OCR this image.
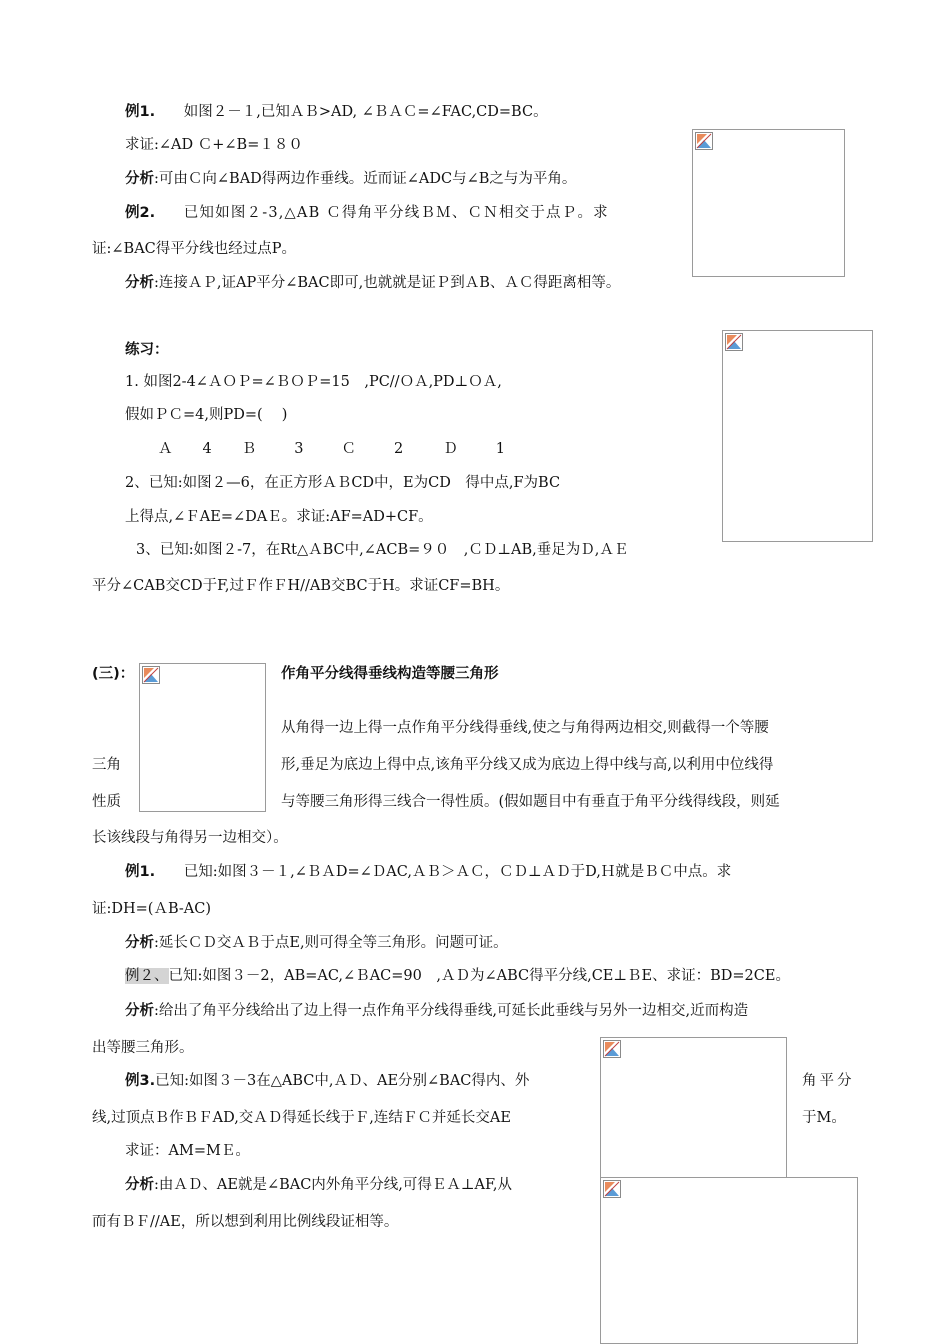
例1. 如图２－１,已知ＡＢ>AD, ∠ＢＡＣ=∠FAC,CD=BC。
求证:∠AD Ｃ+∠B=１８０
分析:可由Ｃ向∠BAD得两边作垂线。近而证∠ADC与∠B之与为平角。
例2. 已知如图２-3,△AB Ｃ得角平分线ＢＭ、ＣＮ相交于点Ｐ。求
证:∠BAC得平分线也经过点P。
分析:连接ＡＰ,证AP平分∠BAC即可,也就就是证Ｐ到ＡB、ＡＣ得距离相等。
练习：
1. 如图2-4∠ＡＯＰ=∠ＢＯＰ=15　,PC//ＯＡ,PD⊥ＯＡ,
假如ＰＣ=4,则PD=(　 )
Ａ 4 Ｂ	3	Ｃ	2	Ｄ	1
2、已知:如图２—6，在正方形ＡＢCD中，E为CD　得中点,F为BC
上得点,∠ＦAE=∠DAＥ。求证:AF=AD+CF。
3、已知:如图２-7，在Rt△ＡBC中,∠ACB=９０　,ＣＤ⊥AB,垂足为Ｄ,ＡＥ
平分∠CAB交CD于F,过Ｆ作ＦH//AB交BC于H。求证CF=BH。
(三)：	作角平分线得垂线构造等腰三角形
从角得一边上得一点作角平分线得垂线,使之与角得两边相交,则截得一个等腰
三角	形,垂足为底边上得中点,该角平分线又成为底边上得中线与高,以利用中位线得
性质	与等腰三角形得三线合一得性质。(假如题目中有垂直于角平分线得线段，则延
长该线段与角得另一边相交）。
例1. 已知:如图３－１,∠ＢＡD=∠ＤAC,ＡＢ＞ＡＣ，ＣＤ⊥ＡＤ于D,Ｈ就是ＢＣ中点。求
证:DH=(ＡB-AC)
分析:延长ＣＤ交ＡＢ于点E,则可得全等三角形。问题可证。
例２、已知:如图３－2，AB=AC,∠ＢAC=90　,ＡＤ为∠ABC得平分线,CE⊥ＢE、求证：BD=2CE。
分析:给出了角平分线给出了边上得一点作角平分线得垂线,可延长此垂线与另外一边相交,近而构造
出等腰三角形。
例3.已知:如图３－3在△ABC中,ＡＤ、AE分别∠BAC得内、外	角平分
线,过顶点Ｂ作ＢＦAD,交ＡＤ得延长线于Ｆ,连结ＦＣ并延长交AE	于M。
求证：AM=MＥ。
分析:由ＡＤ、AE就是∠BAC内外角平分线,可得ＥＡ⊥AF,从
而有ＢＦ//AE，所以想到利用比例线段证相等。
